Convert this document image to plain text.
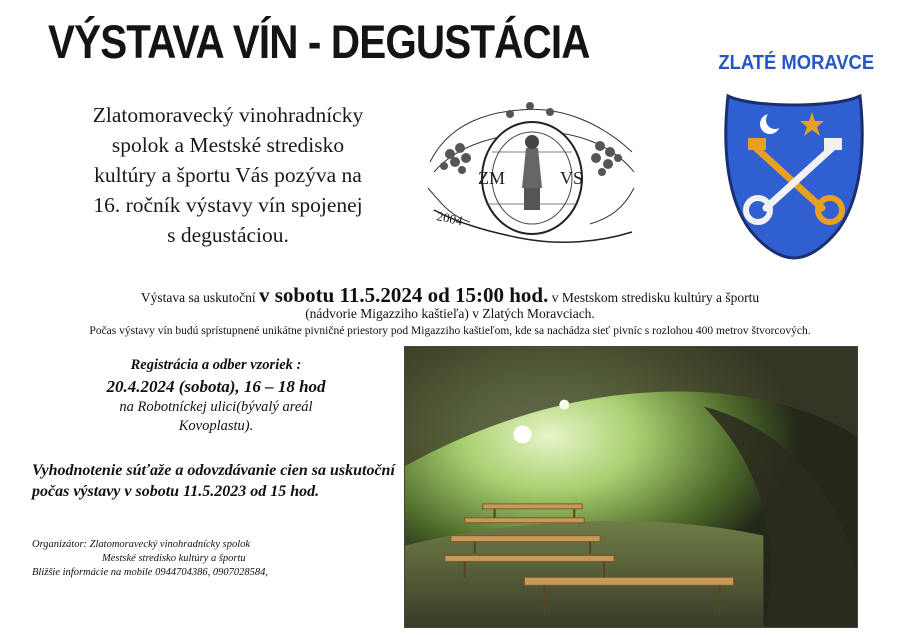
VÝSTAVA VÍN - DEGUSTÁCIA	ZLATÉ MORAVCE
Zlatomoravecký vinohradnícky
spolok a Mestské stredisko
kultúry a športu Vás pozýva na
16. ročník výstavy vín spojenej
s degustáciou.
ZM	VS
2004
Výstava sa uskutoční v sobotu 11.5.2024 od 15:00 hod. v Mestskom stredisku kultúry a športu
(nádvorie Migazziho kaštieľa) v Zlatých Moravciach.
Počas výstavy vín budú sprístupnené unikátne pivničné priestory pod Migazziho kaštieľom, kde sa nachádza sieť pivníc s rozlohou 400 metrov štvorcových.
Registrácia a odber vzoriek :
20.4.2024 (sobota), 16 – 18 hod
na Robotníckej ulici(bývalý areál
Kovoplastu).
Vyhodnotenie súťaže a odovzdávanie cien sa uskutoční počas výstavy v sobotu 11.5.2023 od 15 hod.
Organizátor: Zlatomoravecký vinohradnícky spolok
Mestské stredisko kultúry a športu
Bližšie informácie na mobile 0944704386, 0907028584,
